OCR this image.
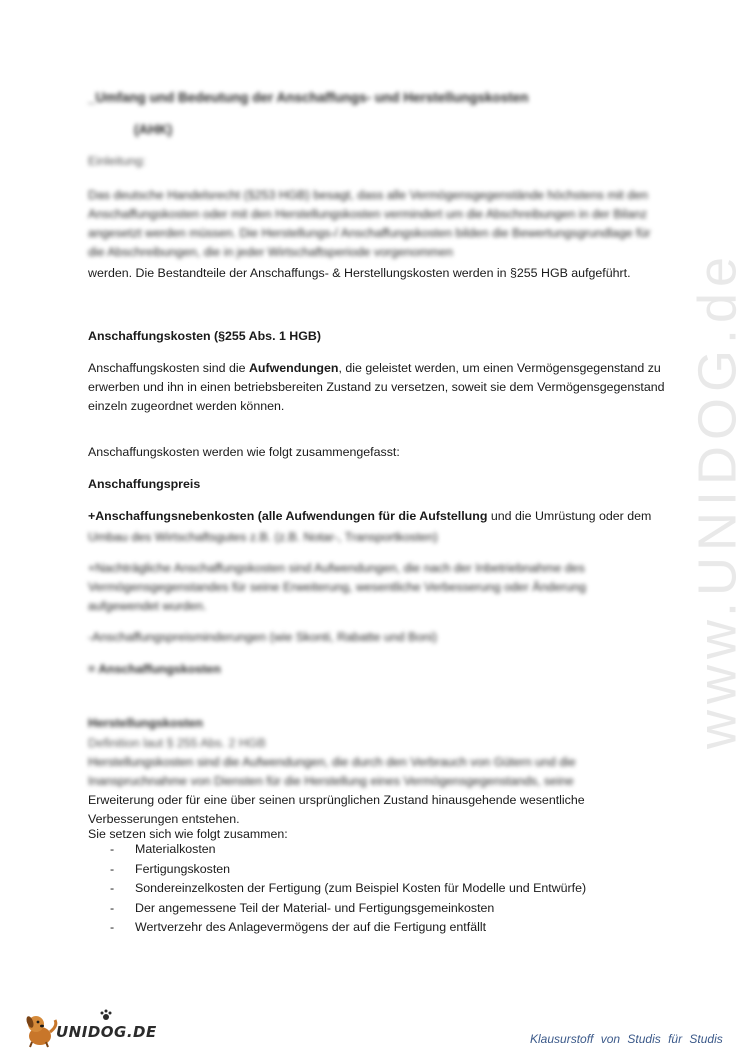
www.UNIDOG.de
_Umfang und Bedeutung der Anschaffungs- und Herstellungskosten
(AHK)
Einleitung:
Das deutsche Handelsrecht (§253 HGB) besagt, dass alle Vermögensgegenstände höchstens mit den Anschaffungskosten oder mit den Herstellungskosten vermindert um die Abschreibungen in der Bilanz angesetzt werden müssen. Die Herstellungs-/ Anschaffungskosten bilden die Bewertungsgrundlage für die Abschreibungen, die in jeder Wirtschaftsperiode vorgenommen
werden. Die Bestandteile der Anschaffungs- & Herstellungskosten werden in §255 HGB aufgeführt.
Anschaffungskosten (§255 Abs. 1 HGB)
Anschaffungskosten sind die Aufwendungen, die geleistet werden, um einen Vermögensgegenstand zu erwerben und ihn in einen betriebsbereiten Zustand zu versetzen, soweit sie dem Vermögensgegenstand einzeln zugeordnet werden können.
Anschaffungskosten werden wie folgt zusammengefasst:
Anschaffungspreis
+Anschaffungsnebenkosten (alle Aufwendungen für die Aufstellung und die Umrüstung oder dem
Umbau des Wirtschaftsgutes z.B. (z.B. Notar-, Transportkosten)
+Nachträgliche Anschaffungskosten sind Aufwendungen, die nach der Inbetriebnahme des Vermögensgegenstandes für seine Erweiterung, wesentliche Verbesserung oder Änderung aufgewendet wurden.
-Anschaffungspreisminderungen (wie Skonti, Rabatte und Boni)
= Anschaffungskosten
Herstellungskosten
Definition laut § 255 Abs. 2 HGB
Herstellungskosten sind die Aufwendungen, die durch den Verbrauch von Gütern und die Inanspruchnahme von Diensten für die Herstellung eines Vermögensgegenstands, seine
Erweiterung oder für eine über seinen ursprünglichen Zustand hinausgehende wesentliche Verbesserungen entstehen.
Sie setzen sich wie folgt zusammen:
- Materialkosten
- Fertigungskosten
- Sondereinzelkosten der Fertigung (zum Beispiel Kosten für Modelle und Entwürfe)
- Der angemessene Teil der Material- und Fertigungsgemeinkosten
- Wertverzehr des Anlagevermögens der auf die Fertigung entfällt
UNIDOG.DE	Klausurstoff von Studis für Studis
